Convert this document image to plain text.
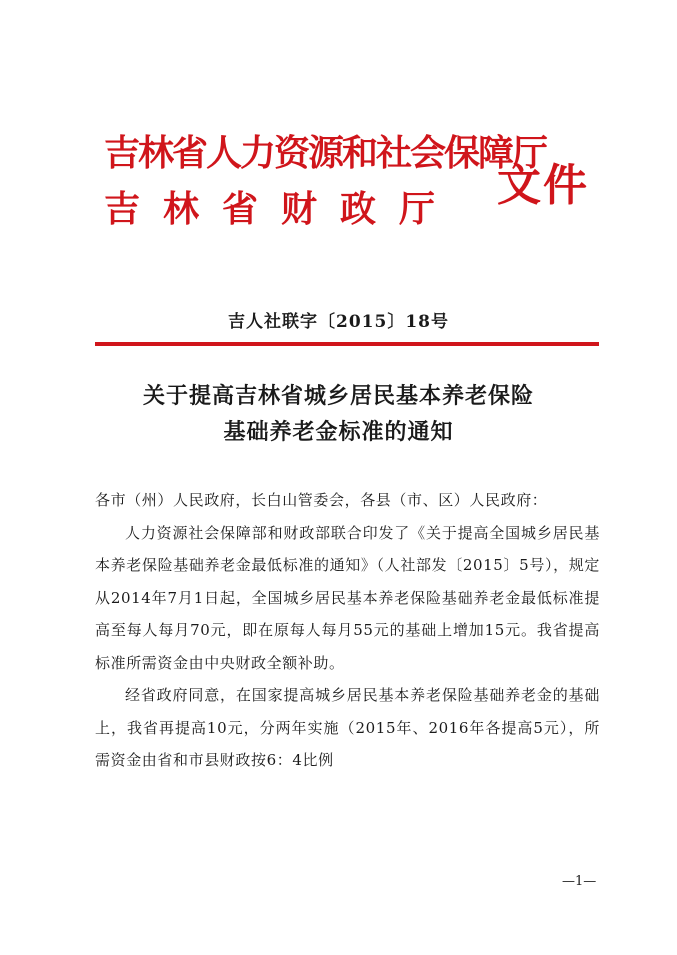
吉林省人力资源和社会保障厅
吉林省财政厅 文件
吉人社联字〔2015〕18号
关于提高吉林省城乡居民基本养老保险
基础养老金标准的通知

各市（州）人民政府，长白山管委会，各县（市、区）人民政府：

人力资源社会保障部和财政部联合印发了《关于提高全国城乡居民基本养老保险基础养老金最低标准的通知》（人社部发〔2015〕5号），规定从2014年7月1日起，全国城乡居民基本养老保险基础养老金最低标准提高至每人每月70元，即在原每人每月55元的基础上增加15元。我省提高标准所需资金由中央财政全额补助。

经省政府同意，在国家提高城乡居民基本养老保险基础养老金的基础上，我省再提高10元，分两年实施（2015年、2016年各提高5元），所需资金由省和市县财政按6：4比例

—1—
